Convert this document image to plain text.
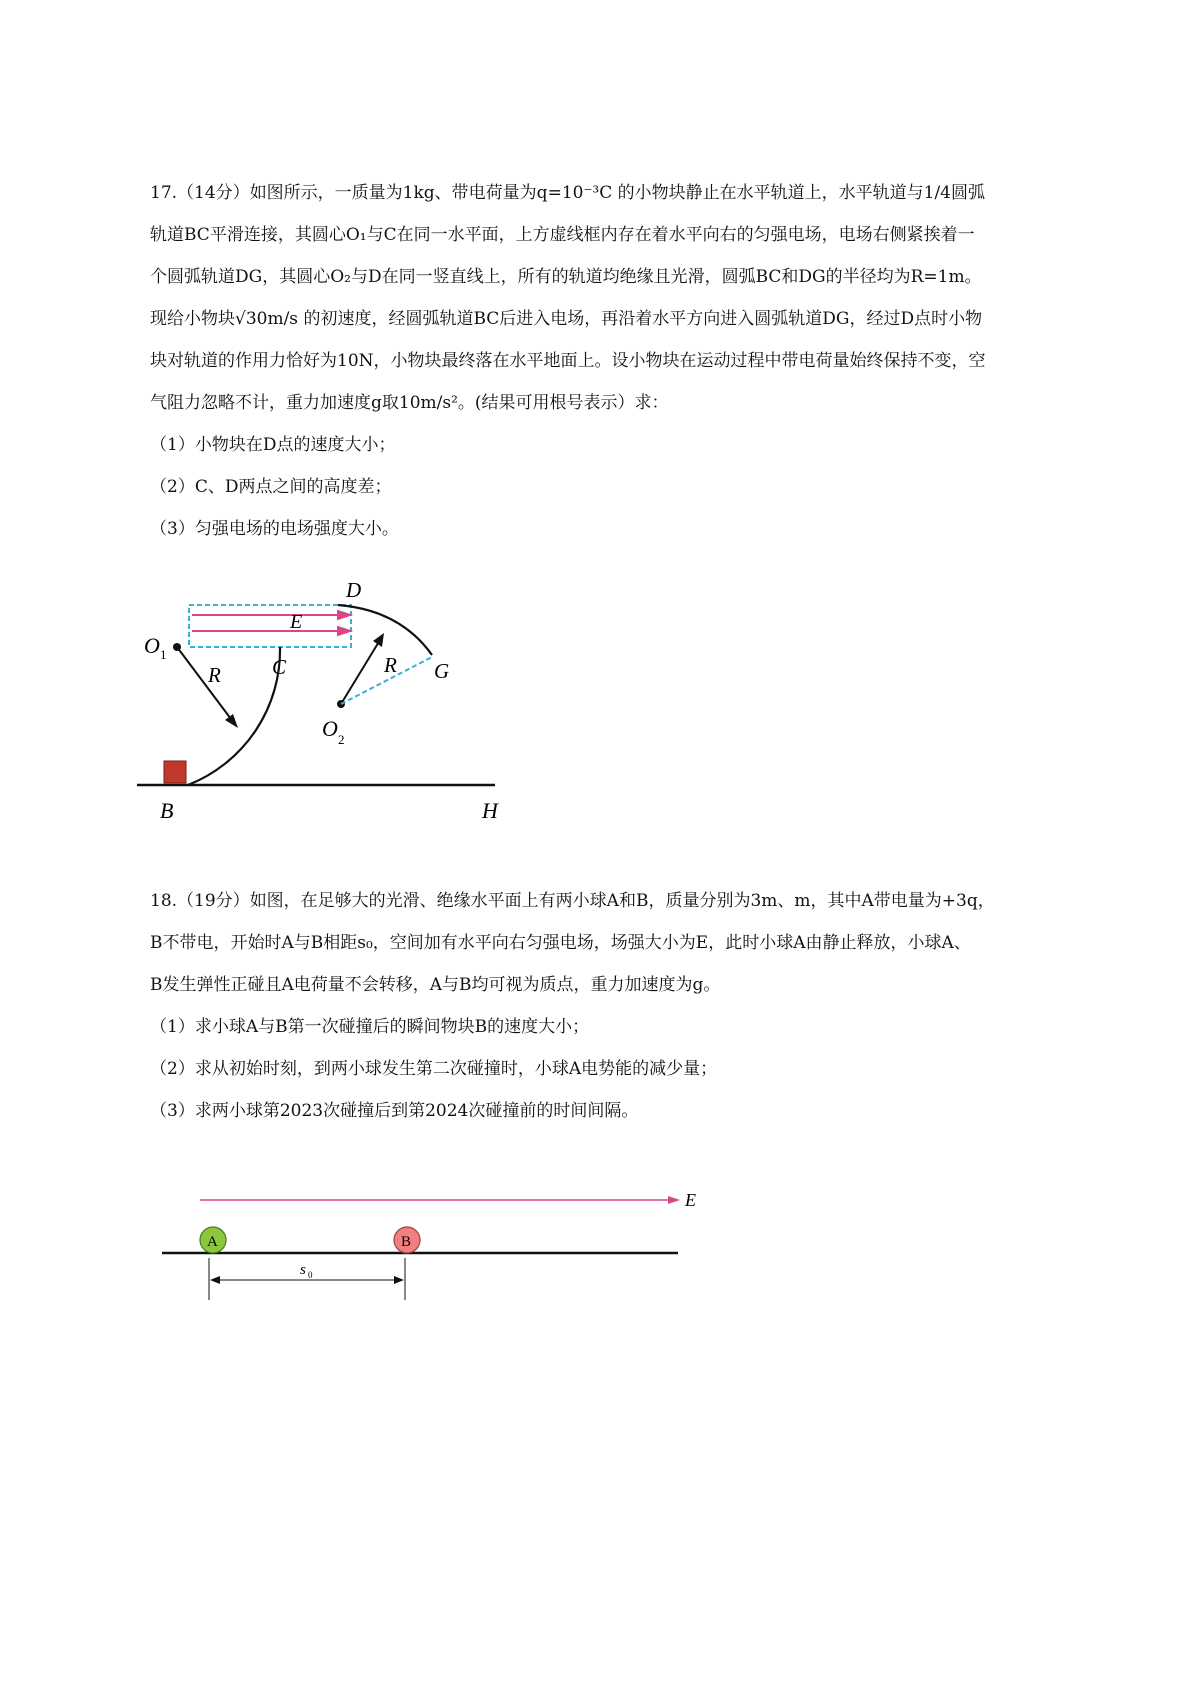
17.（14分）如图所示，一质量为1kg、带电荷量为q=10⁻³C 的小物块静止在水平轨道上，水平轨道与1/4圆弧

轨道BC平滑连接，其圆心O₁与C在同一水平面，上方虚线框内存在着水平向右的匀强电场，电场右侧紧挨着一

个圆弧轨道DG，其圆心O₂与D在同一竖直线上，所有的轨道均绝缘且光滑，圆弧BC和DG的半径均为R=1m。

现给小物块√30m/s 的初速度，经圆弧轨道BC后进入电场，再沿着水平方向进入圆弧轨道DG，经过D点时小物

块对轨道的作用力恰好为10N，小物块最终落在水平地面上。设小物块在运动过程中带电荷量始终保持不变，空

气阻力忽略不计，重力加速度g取10m/s²。(结果可用根号表示）求：

（1）小物块在D点的速度大小；

（2）C、D两点之间的高度差；

（3）匀强电场的电场强度大小。

E
O 1
R C
B	H
D
G
R
O 2

18.（19分）如图，在足够大的光滑、绝缘水平面上有两小球A和B，质量分别为3m、m，其中A带电量为+3q，

B不带电，开始时A与B相距s₀，空间加有水平向右匀强电场，场强大小为E，此时小球A由静止释放，小球A、

B发生弹性正碰且A电荷量不会转移，A与B均可视为质点，重力加速度为g。

（1）求小球A与B第一次碰撞后的瞬间物块B的速度大小；

（2）求从初始时刻，到两小球发生第二次碰撞时，小球A电势能的减少量；

（3）求两小球第2023次碰撞后到第2024次碰撞前的时间间隔。

E
A	B
s 0
